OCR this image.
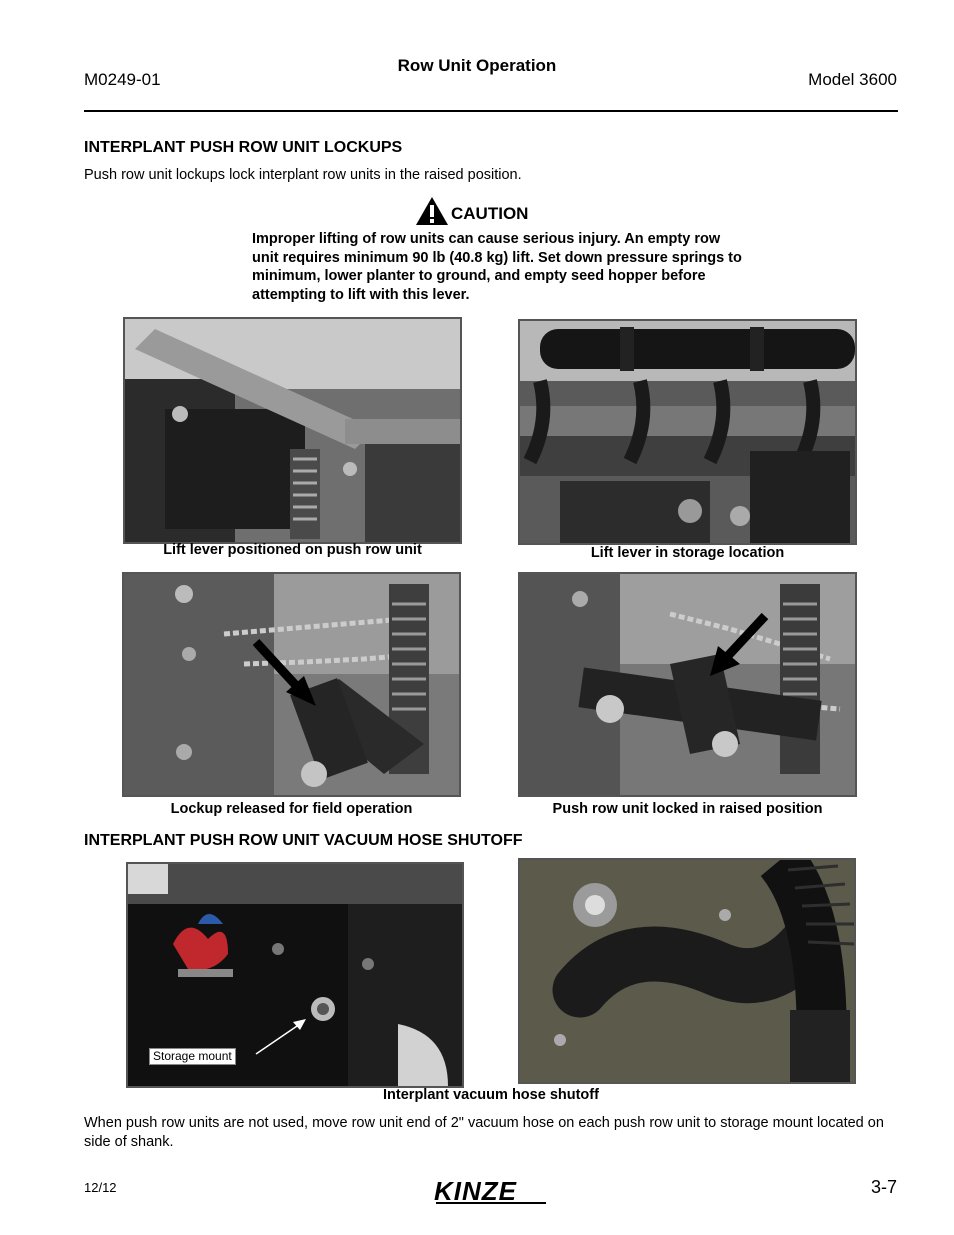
M0249-01
Row Unit Operation
Model 3600
INTERPLANT PUSH ROW UNIT LOCKUPS
Push row unit lockups lock interplant row units in the raised position.
CAUTION
Improper lifting of row units can cause serious injury. An empty row unit requires minimum 90 lb (40.8 kg) lift. Set down pressure springs to minimum, lower planter to ground, and empty seed hopper before attempting to lift with this lever.
Lift lever positioned on push row unit	Lift lever in storage location
Lockup released for field operation	Push row unit locked in raised position
INTERPLANT PUSH ROW UNIT VACUUM HOSE SHUTOFF
Storage mount
Interplant vacuum hose shutoff
When push row units are not used, move row unit end of 2" vacuum hose on each push row unit to storage mount located on side of shank.
12/12	KINZE	3-7
